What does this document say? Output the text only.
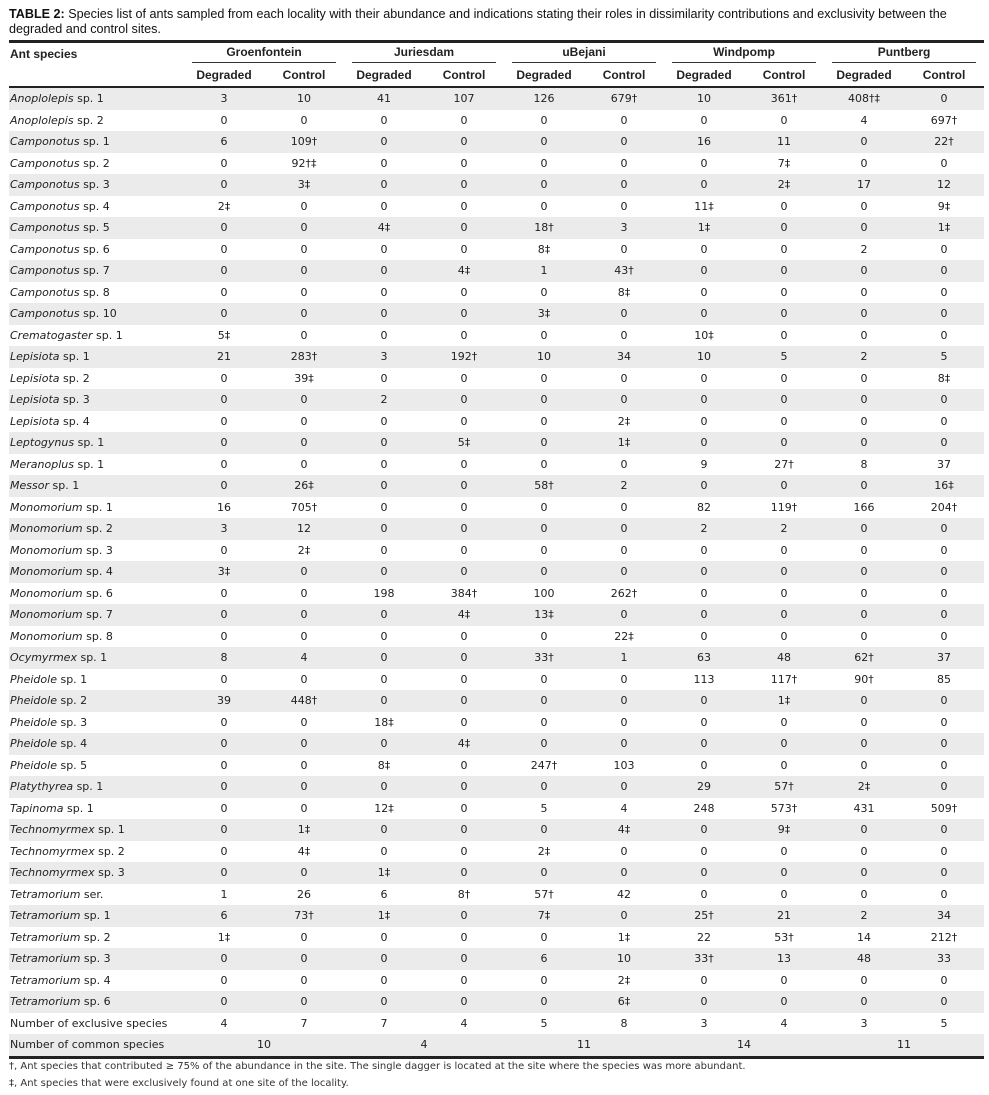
TABLE 2: Species list of ants sampled from each locality with their abundance and indications stating their roles in dissimilarity contributions and exclusivity between the degraded and control sites.
Ant species	Groenfontein		Juriesdam		uBejani		Windpomp		Puntberg	

	Degraded	Control	Degraded	Control	Degraded	Control	Degraded	Control	Degraded	Control
Anoplolepis sp. 1	3	10	41	107	126	679†	10	361†	408†‡	0
Anoplolepis sp. 2	0	0	0	0	0	0	0	0	4	697†
Camponotus sp. 1	6	109†	0	0	0	0	16	11	0	22†
Camponotus sp. 2	0	92†‡	0	0	0	0	0	7‡	0	0
Camponotus sp. 3	0	3‡	0	0	0	0	0	2‡	17	12
Camponotus sp. 4	2‡	0	0	0	0	0	11‡	0	0	9‡
Camponotus sp. 5	0	0	4‡	0	18†	3	1‡	0	0	1‡
Camponotus sp. 6	0	0	0	0	8‡	0	0	0	2	0
Camponotus sp. 7	0	0	0	4‡	1	43†	0	0	0	0
Camponotus sp. 8	0	0	0	0	0	8‡	0	0	0	0
Camponotus sp. 10	0	0	0	0	3‡	0	0	0	0	0
Crematogaster sp. 1	5‡	0	0	0	0	0	10‡	0	0	0
Lepisiota sp. 1	21	283†	3	192†	10	34	10	5	2	5
Lepisiota sp. 2	0	39‡	0	0	0	0	0	0	0	8‡
Lepisiota sp. 3	0	0	2	0	0	0	0	0	0	0
Lepisiota sp. 4	0	0	0	0	0	2‡	0	0	0	0
Leptogynus sp. 1	0	0	0	5‡	0	1‡	0	0	0	0
Meranoplus sp. 1	0	0	0	0	0	0	9	27†	8	37
Messor sp. 1	0	26‡	0	0	58†	2	0	0	0	16‡
Monomorium sp. 1	16	705†	0	0	0	0	82	119†	166	204†
Monomorium sp. 2	3	12	0	0	0	0	2	2	0	0
Monomorium sp. 3	0	2‡	0	0	0	0	0	0	0	0
Monomorium sp. 4	3‡	0	0	0	0	0	0	0	0	0
Monomorium sp. 6	0	0	198	384†	100	262†	0	0	0	0
Monomorium sp. 7	0	0	0	4‡	13‡	0	0	0	0	0
Monomorium sp. 8	0	0	0	0	0	22‡	0	0	0	0
Ocymyrmex sp. 1	8	4	0	0	33†	1	63	48	62†	37
Pheidole sp. 1	0	0	0	0	0	0	113	117†	90†	85
Pheidole sp. 2	39	448†	0	0	0	0	0	1‡	0	0
Pheidole sp. 3	0	0	18‡	0	0	0	0	0	0	0
Pheidole sp. 4	0	0	0	4‡	0	0	0	0	0	0
Pheidole sp. 5	0	0	8‡	0	247†	103	0	0	0	0
Platythyrea sp. 1	0	0	0	0	0	0	29	57†	2‡	0
Tapinoma sp. 1	0	0	12‡	0	5	4	248	573†	431	509†
Technomyrmex sp. 1	0	1‡	0	0	0	4‡	0	9‡	0	0
Technomyrmex sp. 2	0	4‡	0	0	2‡	0	0	0	0	0
Technomyrmex sp. 3	0	0	1‡	0	0	0	0	0	0	0
Tetramorium ser.	1	26	6	8†	57†	42	0	0	0	0
Tetramorium sp. 1	6	73†	1‡	0	7‡	0	25†	21	2	34
Tetramorium sp. 2	1‡	0	0	0	0	1‡	22	53†	14	212†
Tetramorium sp. 3	0	0	0	0	6	10	33†	13	48	33
Tetramorium sp. 4	0	0	0	0	0	2‡	0	0	0	0
Tetramorium sp. 6	0	0	0	0	0	6‡	0	0	0	0
Number of exclusive species	4	7	7	4	5	8	3	4	3	5
Number of common species	10		4		11		14		11	
†, Ant species that contributed ≥ 75% of the abundance in the site. The single dagger is located at the site where the species was more abundant.
‡, Ant species that were exclusively found at one site of the locality.
